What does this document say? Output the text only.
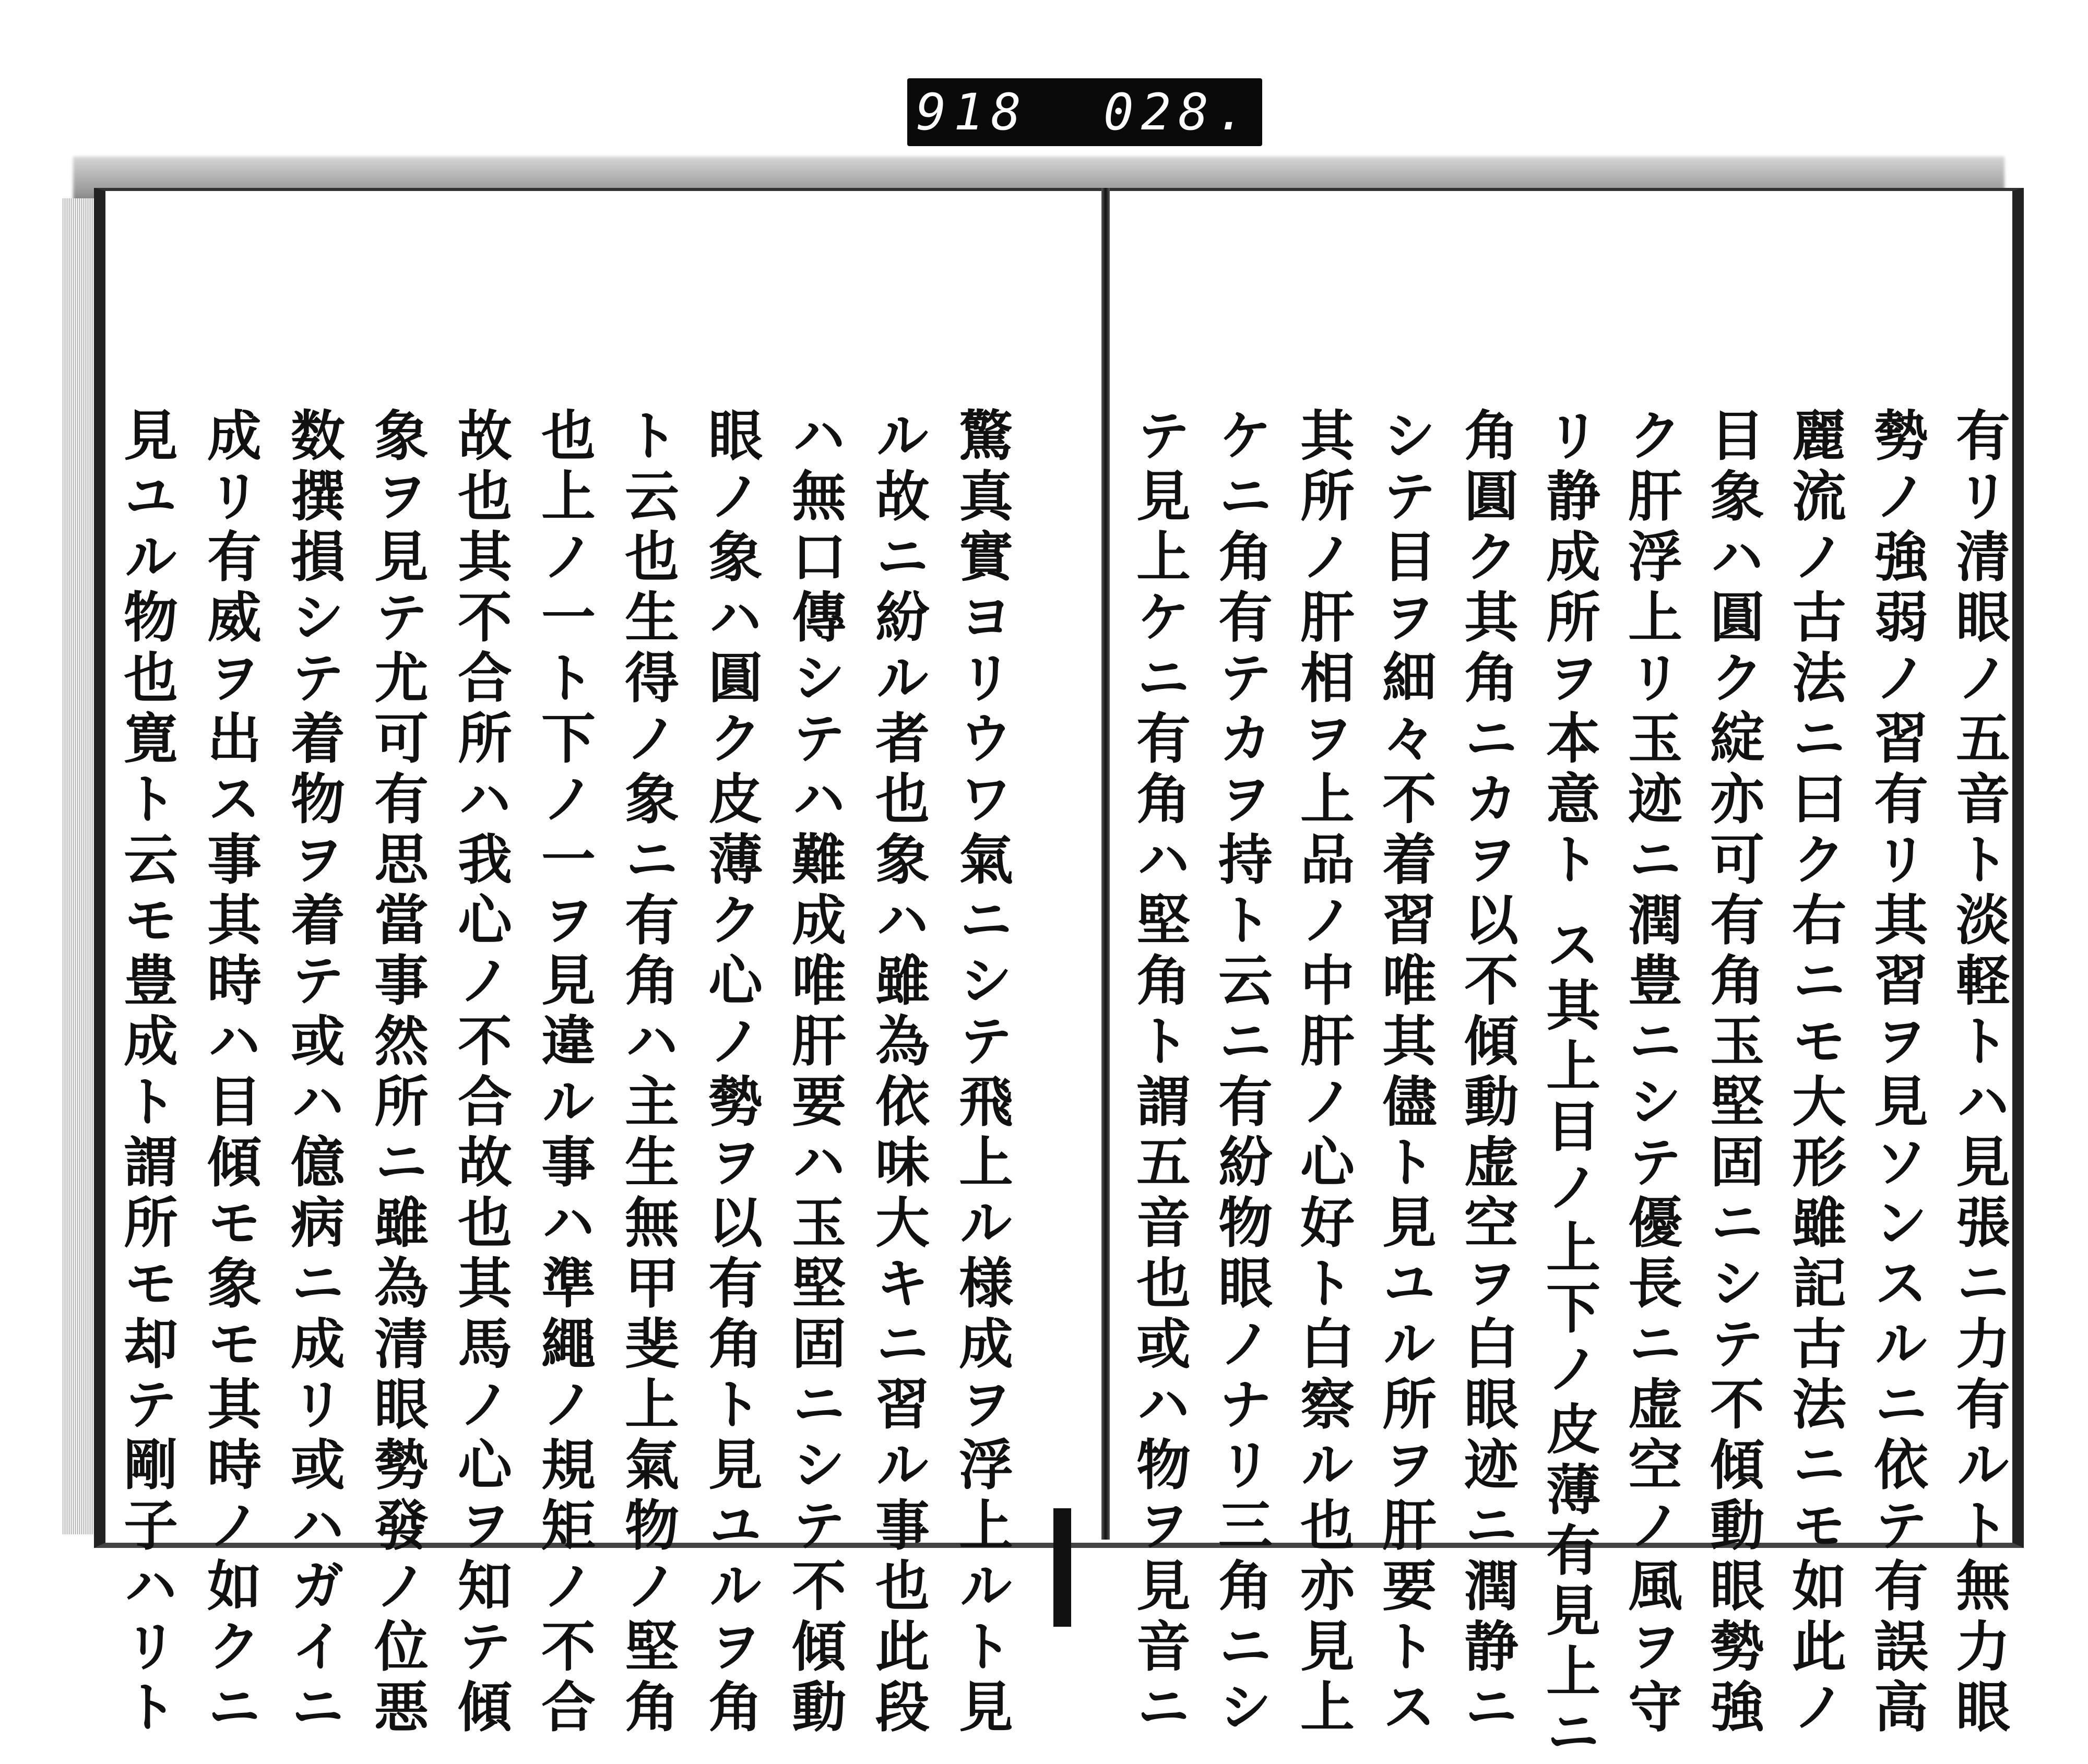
918  028.
有リ清眼ノ五音ト淡軽トハ見張ニ力有ルト無力眼
勢ノ強弱ノ習有リ其習ヲ見ソンスルニ依テ有誤高
麗流ノ古法ニ曰ク右ニモ大形雖記古法ニモ如此ノ
目象ハ圓ク綻亦可有角玉堅固ニシテ不傾動眼勢強
ク肝浮上リ玉迹ニ潤豊ニシテ優長ニ虚空ノ風ヲ守
リ静成所ヲ本意ト ス其上目ノ上下ノ皮薄有見上ニ
角圓ク其角ニカヲ以不傾動虚空ヲ白眼迹ニ潤静ニ
シテ目ヲ細々不着習唯其儘ト見ユル所ヲ肝要トス
其所ノ肝相ヲ上品ノ中肝ノ心好ト白察ル也亦見上
ケニ角有テカヲ持ト云ニ有紛物眼ノナリ三角ニシ
テ見上ケニ有角ハ堅角ト謂五音也或ハ物ヲ見音ニ
驚真實ヨリウワ氣ニシテ飛上ル様成ヲ浮上ルト見
ル故ニ紛ル者也象ハ雖為依味大キニ習ル事也此段
ハ無口傳シテハ難成唯肝要ハ玉堅固ニシテ不傾動
眼ノ象ハ圓ク皮薄ク心ノ勢ヲ以有角ト見ユルヲ角
ト云也生得ノ象ニ有角ハ主生無甲斐上氣物ノ堅角
也上ノ一ト下ノ一ヲ見違ル事ハ準繩ノ規矩ノ不合
故也其不合所ハ我心ノ不合故也其馬ノ心ヲ知テ傾
象ヲ見テ尤可有思當事然所ニ雖為清眼勢發ノ位悪
数撰損シテ着物ヲ着テ或ハ億病ニ成リ或ハガイニ
成リ有威ヲ出ス事其時ハ目傾モ象モ其時ノ如クニ
見ユル物也寛ト云モ豊成ト謂所モ却テ剛子ハリト
